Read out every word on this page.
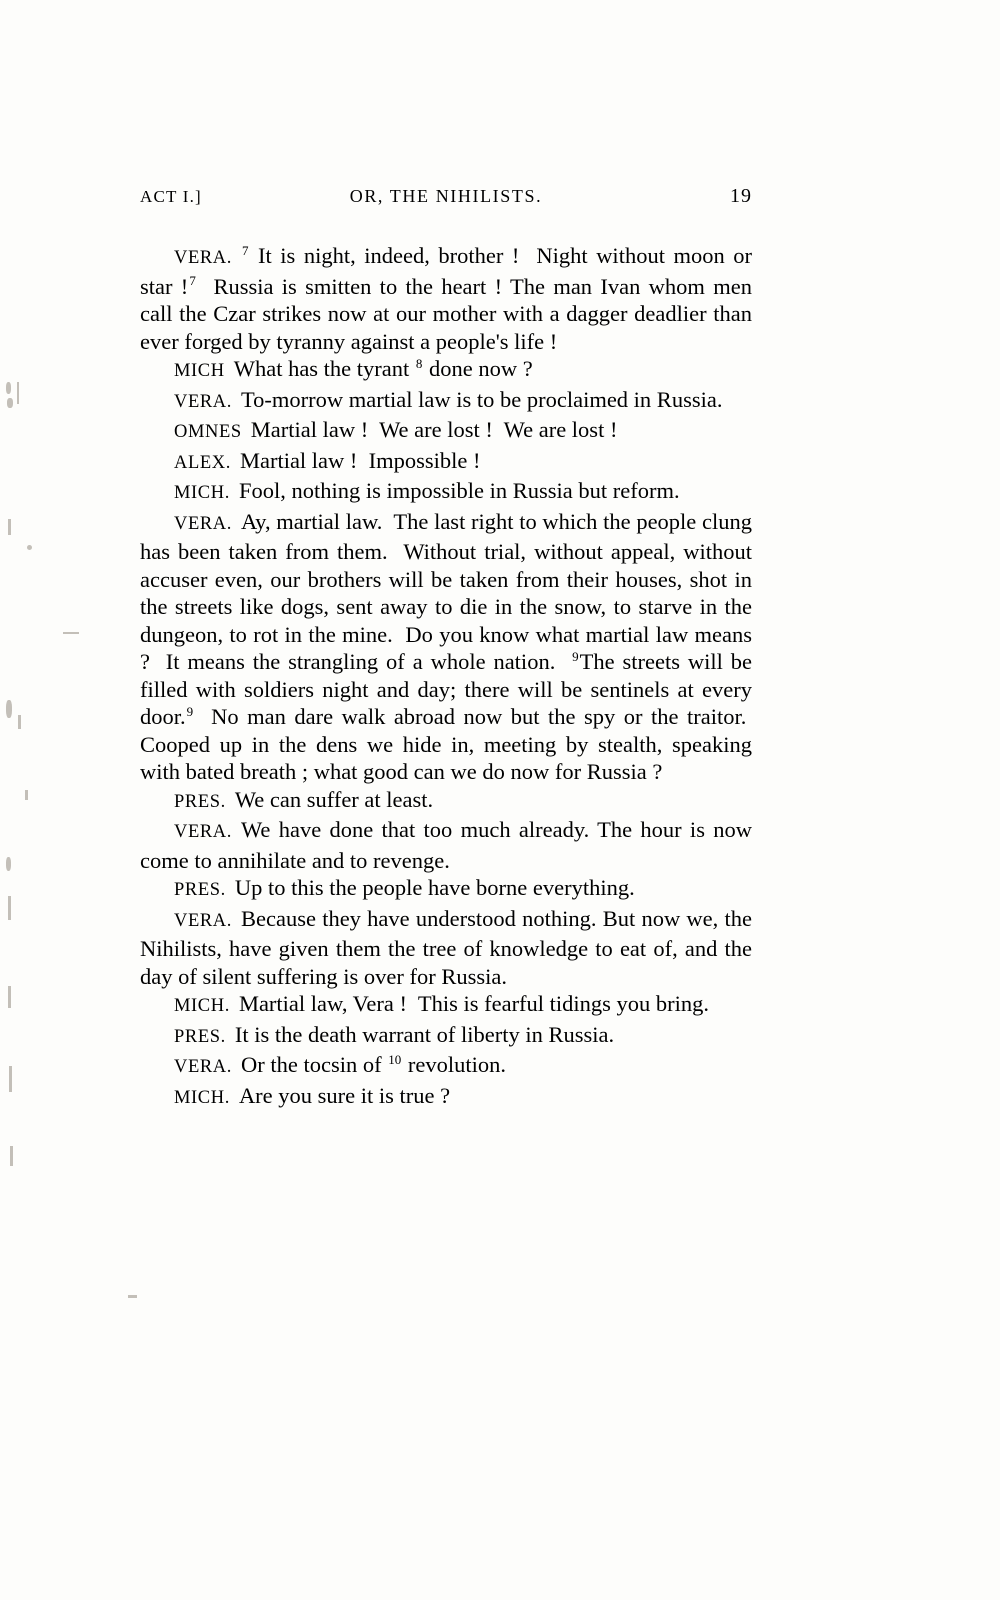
ACT I.]	OR, THE NIHILISTS.	19

VERA. $^7$ It is night, indeed, brother !  Night without moon or star !$^7$  Russia is smitten to the heart ! The man Ivan whom men call the Czar strikes now at our mother with a dagger deadlier than ever forged by tyranny against a people's life !

MICH What has the tyrant $^8$ done now ?

VERA. To-morrow martial law is to be proclaimed in Russia.

OMNES Martial law !  We are lost !  We are lost !

ALEX. Martial law !  Impossible !

MICH. Fool, nothing is impossible in Russia but reform.

VERA. Ay, martial law.  The last right to which the people clung has been taken from them.  Without trial, without appeal, without accuser even, our brothers will be taken from their houses, shot in the streets like dogs, sent away to die in the snow, to starve in the dungeon, to rot in the mine.  Do you know what martial law means ?  It means the strangling of a whole nation.  $^9$The streets will be filled with soldiers night and day; there will be sentinels at every door.$^9$  No man dare walk abroad now but the spy or the traitor.  Cooped up in the dens we hide in, meeting by stealth, speaking with bated breath ; what good can we do now for Russia ?

PRES. We can suffer at least.

VERA. We have done that too much already. The hour is now come to annihilate and to revenge.

PRES. Up to this the people have borne everything.

VERA. Because they have understood nothing. But now we, the Nihilists, have given them the tree of knowledge to eat of, and the day of silent suffering is over for Russia.

MICH. Martial law, Vera !  This is fearful tidings you bring.

PRES. It is the death warrant of liberty in Russia.

VERA. Or the tocsin of $^{10}$ revolution.

MICH. Are you sure it is true ?
